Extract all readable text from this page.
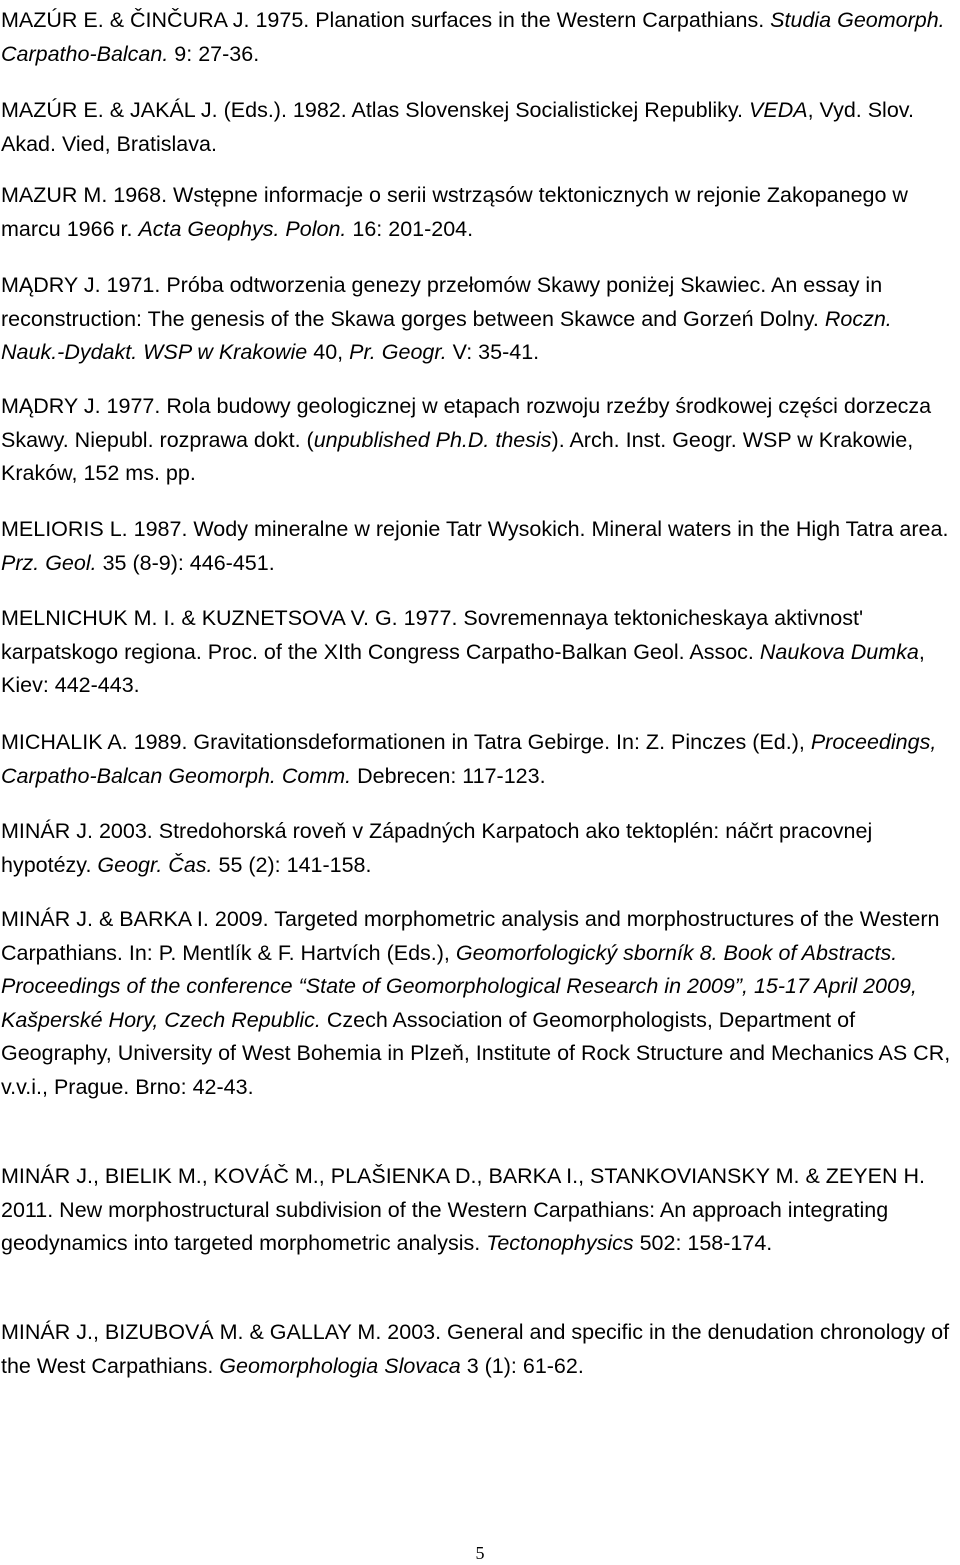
MAZÚR E. & ČINČURA J. 1975. Planation surfaces in the Western Carpathians. Studia Geomorph. Carpatho-Balcan. 9: 27-36.

MAZÚR E. & JAKÁL J. (Eds.). 1982. Atlas Slovenskej Socialistickej Republiky. VEDA, Vyd. Slov. Akad. Vied, Bratislava.

MAZUR M. 1968. Wstępne informacje o serii wstrząsów tektonicznych w rejonie Zakopanego w marcu 1966 r. Acta Geophys. Polon. 16: 201-204.

MĄDRY J. 1971. Próba odtworzenia genezy przełomów Skawy poniżej Skawiec. An essay in reconstruction: The genesis of the Skawa gorges between Skawce and Gorzeń Dolny. Roczn. Nauk.-Dydakt. WSP w Krakowie 40, Pr. Geogr. V: 35-41.

MĄDRY J. 1977. Rola budowy geologicznej w etapach rozwoju rzeźby środkowej części dorzecza Skawy. Niepubl. rozprawa dokt. (unpublished Ph.D. thesis). Arch. Inst. Geogr. WSP w Krakowie, Kraków, 152 ms. pp.

MELIORIS L. 1987. Wody mineralne w rejonie Tatr Wysokich. Mineral waters in the High Tatra area. Prz. Geol. 35 (8-9): 446-451.

MELNICHUK M. I. & KUZNETSOVA V. G. 1977. Sovremennaya tektonicheskaya aktivnost' karpatskogo regiona. Proc. of the XIth Congress Carpatho-Balkan Geol. Assoc. Naukova Dumka, Kiev: 442-443.

MICHALIK A. 1989. Gravitationsdeformationen in Tatra Gebirge. In: Z. Pinczes (Ed.), Proceedings, Carpatho-Balcan Geomorph. Comm. Debrecen: 117-123.

MINÁR J. 2003. Stredohorská roveň v Západných Karpatoch ako tektoplén: náčrt pracovnej hypotézy. Geogr. Čas. 55 (2): 141-158.

MINÁR J. & BARKA I. 2009. Targeted morphometric analysis and morphostructures of the Western Carpathians. In: P. Mentlík & F. Hartvích (Eds.), Geomorfologický sborník 8. Book of Abstracts. Proceedings of the conference “State of Geomorphological Research in 2009”, 15-17 April 2009, Kašperské Hory, Czech Republic. Czech Association of Geomorphologists, Department of Geography, University of West Bohemia in Plzeň, Institute of Rock Structure and Mechanics AS CR, v.v.i., Prague. Brno: 42-43.

MINÁR J., BIELIK M., KOVÁČ M., PLAŠIENKA D., BARKA I., STANKOVIANSKY M. & ZEYEN H. 2011. New morphostructural subdivision of the Western Carpathians: An approach integrating geodynamics into targeted morphometric analysis. Tectonophysics 502: 158-174.

MINÁR J., BIZUBOVÁ M. & GALLAY M. 2003. General and specific in the denudation chronology of the West Carpathians. Geomorphologia Slovaca 3 (1): 61-62.

5
